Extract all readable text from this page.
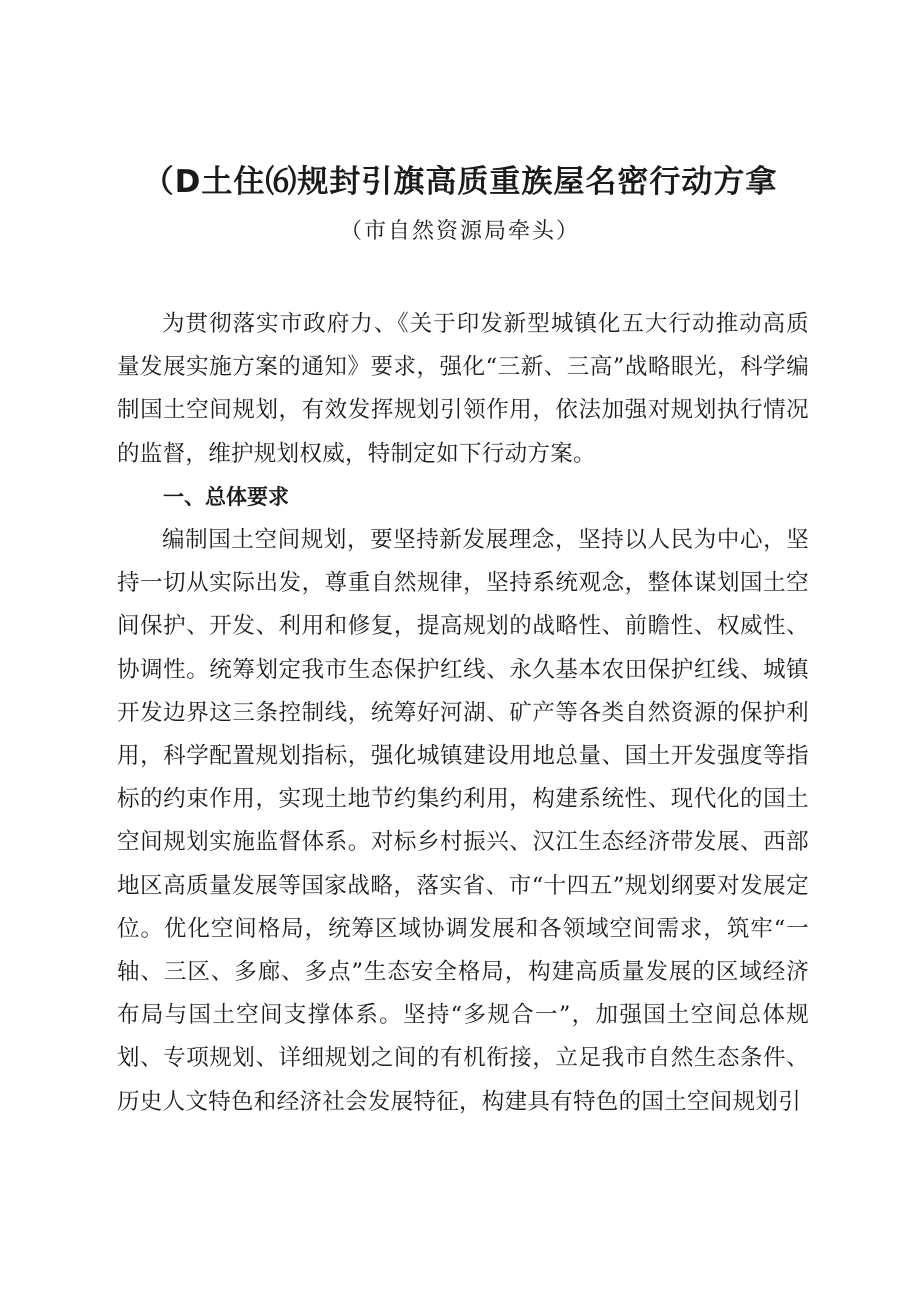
（D土住⑹规封引旗高质重族屋名密行动方拿
（市自然资源局牵头）

为贯彻落实市政府力、《关于印发新型城镇化五大行动推动高质量发展实施方案的通知》要求，强化“三新、三高”战略眼光，科学编制国土空间规划，有效发挥规划引领作用，依法加强对规划执行情况的监督，维护规划权威，特制定如下行动方案。

一、总体要求

编制国土空间规划，要坚持新发展理念，坚持以人民为中心，坚持一切从实际出发，尊重自然规律，坚持系统观念，整体谋划国土空间保护、开发、利用和修复，提高规划的战略性、前瞻性、权威性、协调性。统筹划定我市生态保护红线、永久基本农田保护红线、城镇开发边界这三条控制线，统筹好河湖、矿产等各类自然资源的保护利用，科学配置规划指标，强化城镇建设用地总量、国土开发强度等指标的约束作用，实现土地节约集约利用，构建系统性、现代化的国土空间规划实施监督体系。对标乡村振兴、汉江生态经济带发展、西部地区高质量发展等国家战略，落实省、市“十四五”规划纲要对发展定位。优化空间格局，统筹区域协调发展和各领域空间需求，筑牢“一轴、三区、多廊、多点”生态安全格局，构建高质量发展的区域经济布局与国土空间支撑体系。坚持“多规合一”，加强国土空间总体规划、专项规划、详细规划之间的有机衔接，立足我市自然生态条件、历史人文特色和经济社会发展特征，构建具有特色的国土空间规划引
